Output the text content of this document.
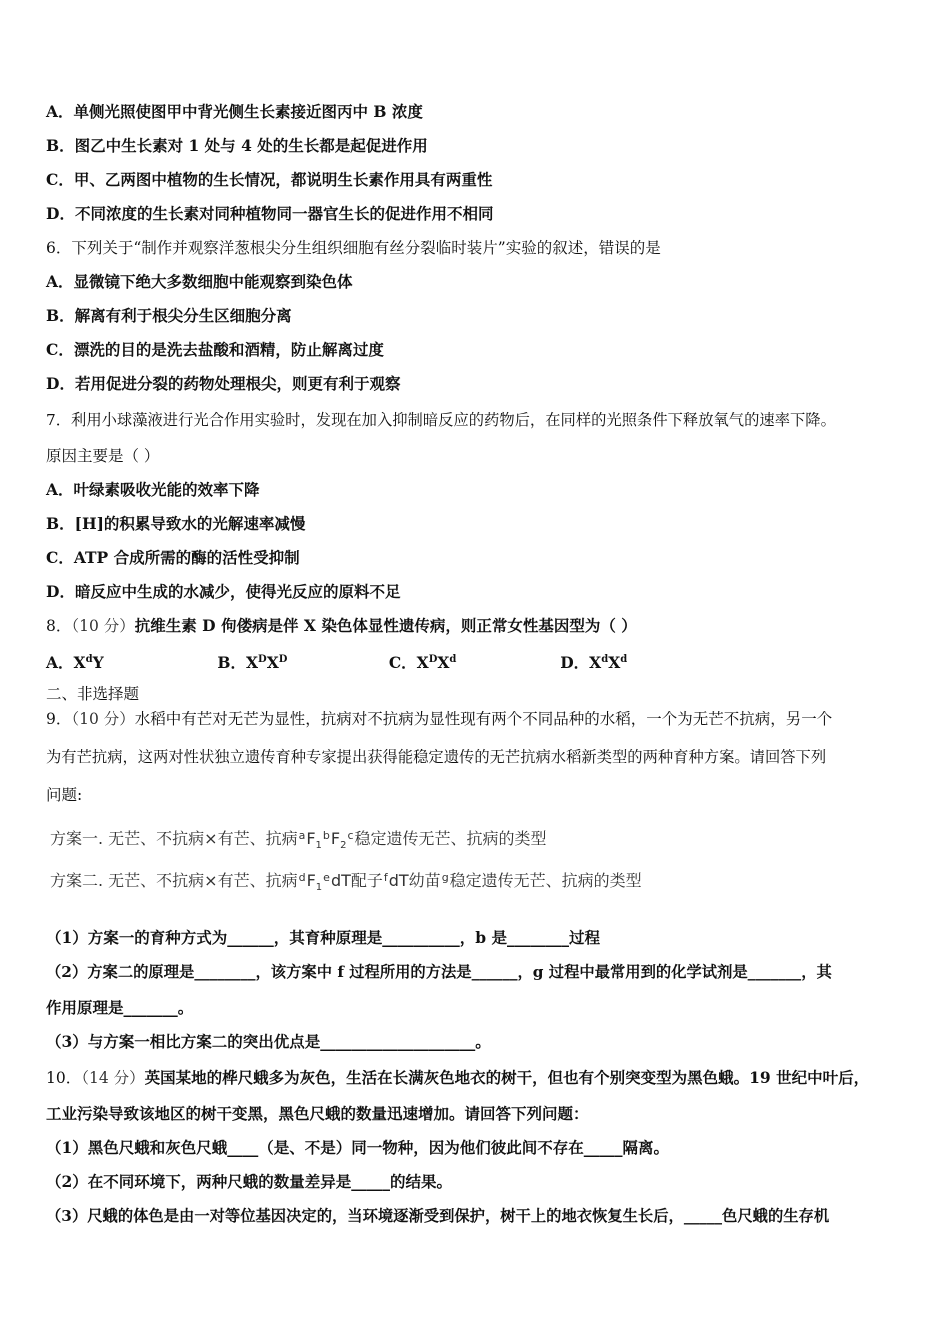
A．单侧光照使图甲中背光侧生长素接近图丙中 B 浓度
B．图乙中生长素对 1 处与 4 处的生长都是起促进作用
C．甲、乙两图中植物的生长情况，都说明生长素作用具有两重性
D．不同浓度的生长素对同种植物同一器官生长的促进作用不相同
6．下列关于“制作并观察洋葱根尖分生组织细胞有丝分裂临时装片”实验的叙述，错误的是
A．显微镜下绝大多数细胞中能观察到染色体
B．解离有利于根尖分生区细胞分离
C．漂洗的目的是洗去盐酸和酒精，防止解离过度
D．若用促进分裂的药物处理根尖，则更有利于观察
7．利用小球藻液进行光合作用实验时，发现在加入抑制暗反应的药物后，在同样的光照条件下释放氧气的速率下降。
原因主要是（ ）
A．叶绿素吸收光能的效率下降
B．[H]的积累导致水的光解速率减慢
C．ATP 合成所需的酶的活性受抑制
D．暗反应中生成的水减少，使得光反应的原料不足
8．（10 分）抗维生素 D 佝偻病是伴 X 染色体显性遗传病，则正常女性基因型为（ ）
A．$X^dY$	B．$X^DX^D$	C．$X^DX^d$	D．$X^dX^d$
二、非选择题
9．（10 分）水稻中有芒对无芒为显性，抗病对不抗病为显性现有两个不同品种的水稻，一个为无芒不抗病，另一个
为有芒抗病，这两对性状独立遗传育种专家提出获得能稳定遗传的无芒抗病水稻新类型的两种育种方案。请回答下列
问题:
方案一. 无芒、不抗病×有芒、抗病$^aF_1^bF_2^c$稳定遗传无芒、抗病的类型
方案二. 无芒、不抗病×有芒、抗病$^dF_1^edT$配子$^f$dT幼苗$^g$稳定遗传无芒、抗病的类型
（1）方案一的育种方式为______，其育种原理是__________，b 是________过程
（2）方案二的原理是________，该方案中 f 过程所用的方法是______，g 过程中最常用到的化学试剂是_______，其
作用原理是_______。
（3）与方案一相比方案二的突出优点是____________________。
10．（14 分）英国某地的桦尺蛾多为灰色，生活在长满灰色地衣的树干，但也有个别突变型为黑色蛾。19 世纪中叶后，
工业污染导致该地区的树干变黑，黑色尺蛾的数量迅速增加。请回答下列问题：
（1）黑色尺蛾和灰色尺蛾____（是、不是）同一物种，因为他们彼此间不存在_____隔离。
（2）在不同环境下，两种尺蛾的数量差异是_____的结果。
（3）尺蛾的体色是由一对等位基因决定的，当环境逐渐受到保护，树干上的地衣恢复生长后，_____色尺蛾的生存机
